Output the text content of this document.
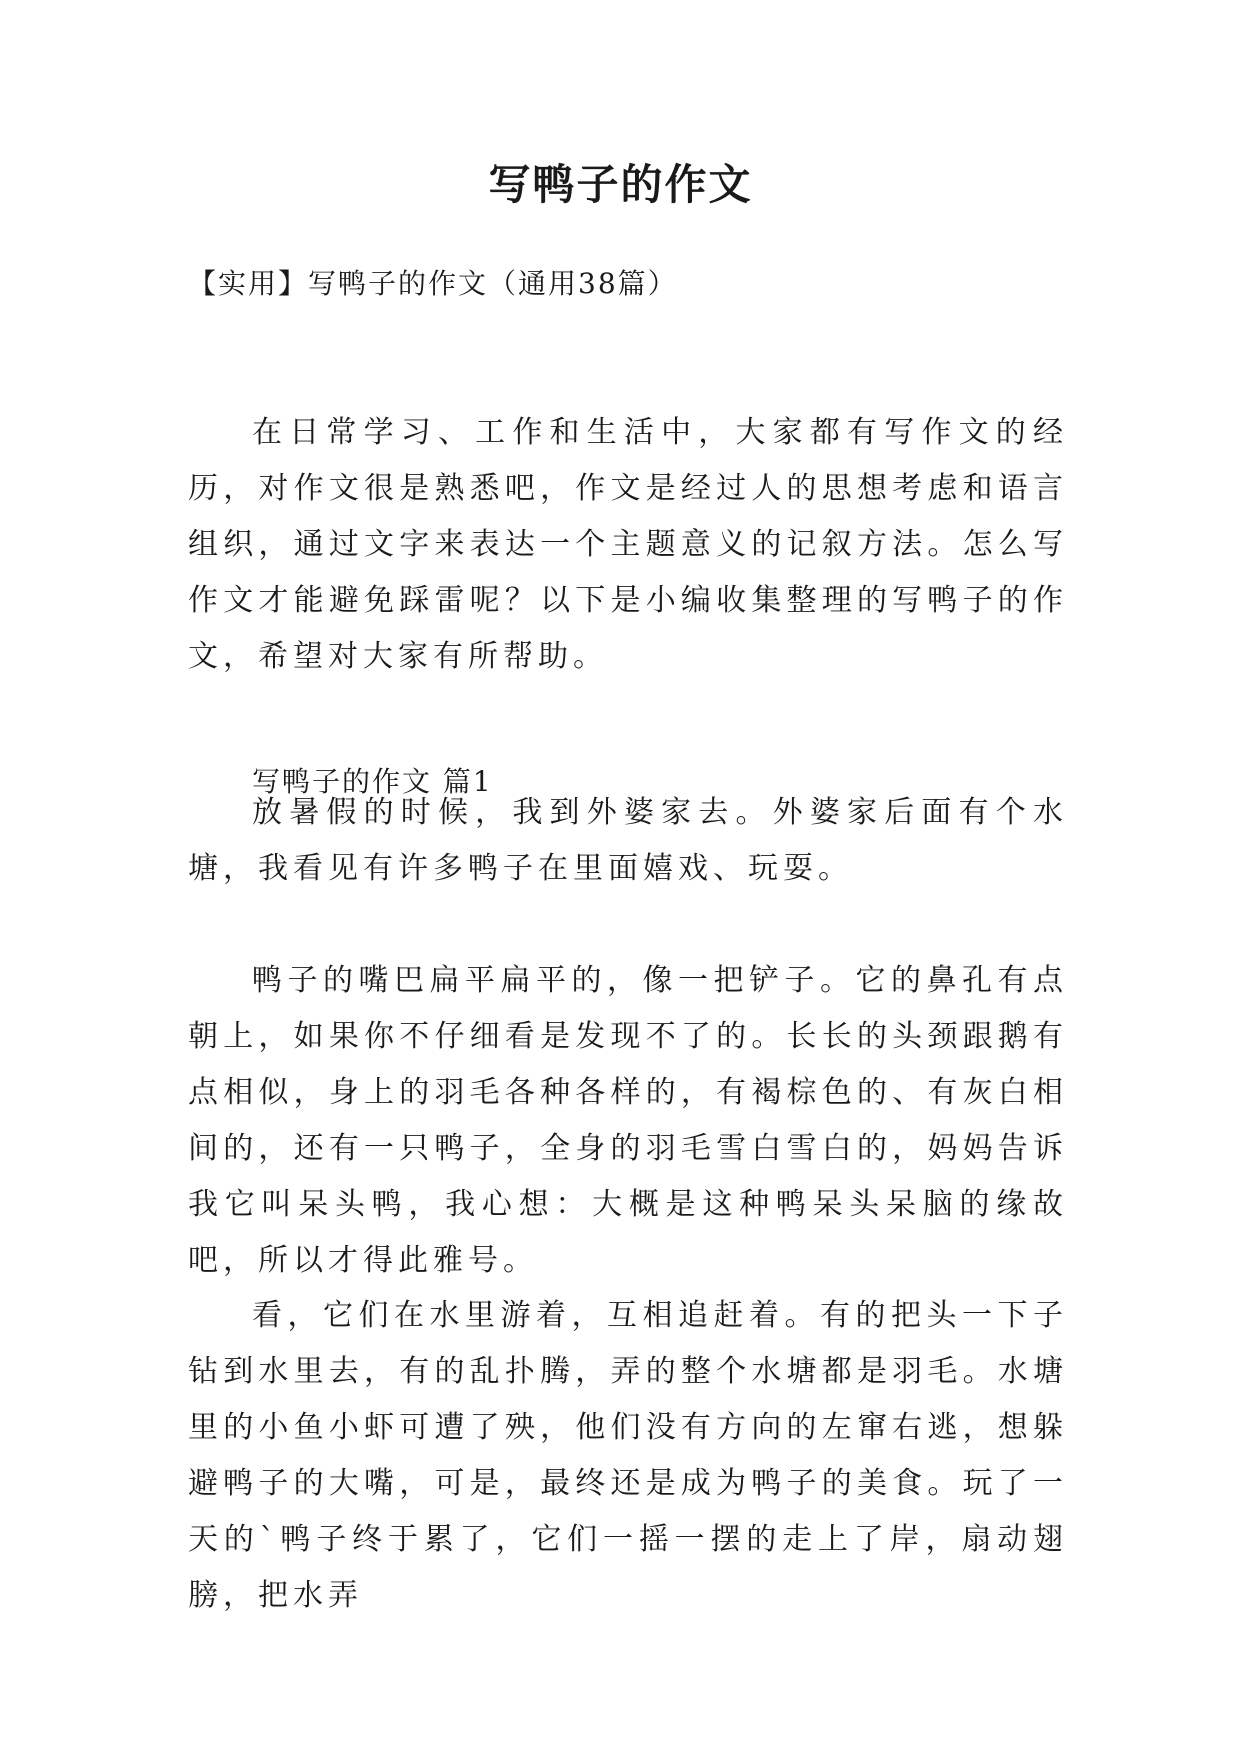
写鸭子的作文

【实用】写鸭子的作文（通用38篇）

在日常学习、工作和生活中，大家都有写作文的经历，对作文很是熟悉吧，作文是经过人的思想考虑和语言组织，通过文字来表达一个主题意义的记叙方法。怎么写作文才能避免踩雷呢？以下是小编收集整理的写鸭子的作文，希望对大家有所帮助。

写鸭子的作文 篇1

放暑假的时候，我到外婆家去。外婆家后面有个水塘，我看见有许多鸭子在里面嬉戏、玩耍。

鸭子的嘴巴扁平扁平的，像一把铲子。它的鼻孔有点朝上，如果你不仔细看是发现不了的。长长的头颈跟鹅有点相似，身上的羽毛各种各样的，有褐棕色的、有灰白相间的，还有一只鸭子，全身的羽毛雪白雪白的，妈妈告诉我它叫呆头鸭，我心想：大概是这种鸭呆头呆脑的缘故吧，所以才得此雅号。

看，它们在水里游着，互相追赶着。有的把头一下子钻到水里去，有的乱扑腾，弄的整个水塘都是羽毛。水塘里的小鱼小虾可遭了殃，他们没有方向的左窜右逃，想躲避鸭子的大嘴，可是，最终还是成为鸭子的美食。玩了一天的`鸭子终于累了，它们一摇一摆的走上了岸，扇动翅膀，把水弄
